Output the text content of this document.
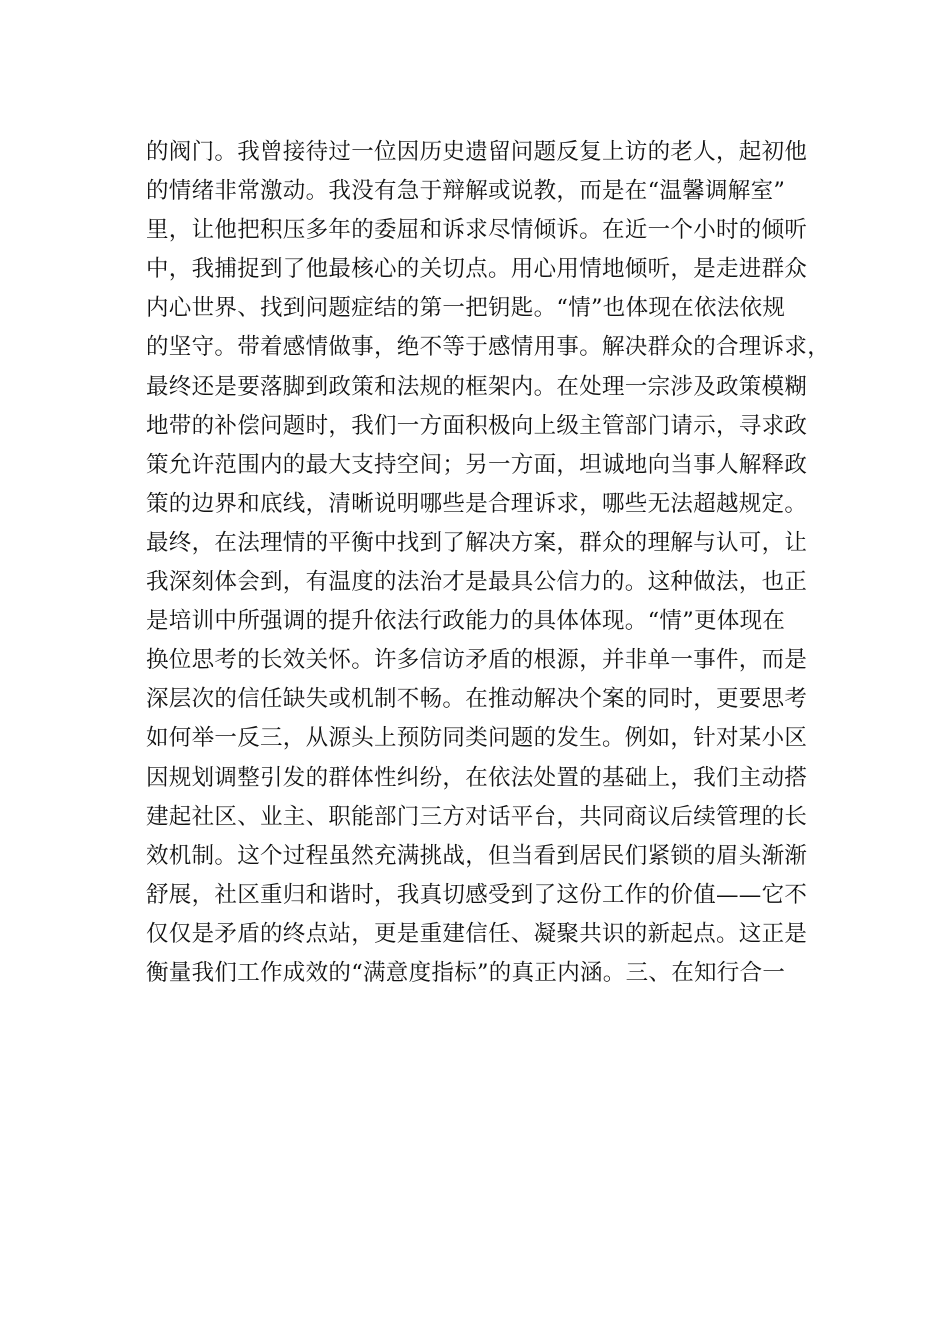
的阀门。我曾接待过一位因历史遗留问题反复上访的老人，起初他
的情绪非常激动。我没有急于辩解或说教，而是在“温馨调解室”
里，让他把积压多年的委屈和诉求尽情倾诉。在近一个小时的倾听
中，我捕捉到了他最核心的关切点。用心用情地倾听，是走进群众
内心世界、找到问题症结的第一把钥匙。“情”也体现在依法依规
的坚守。带着感情做事，绝不等于感情用事。解决群众的合理诉求，
最终还是要落脚到政策和法规的框架内。在处理一宗涉及政策模糊
地带的补偿问题时，我们一方面积极向上级主管部门请示，寻求政
策允许范围内的最大支持空间；另一方面，坦诚地向当事人解释政
策的边界和底线，清晰说明哪些是合理诉求，哪些无法超越规定。
最终，在法理情的平衡中找到了解决方案，群众的理解与认可，让
我深刻体会到，有温度的法治才是最具公信力的。这种做法，也正
是培训中所强调的提升依法行政能力的具体体现。“情”更体现在
换位思考的长效关怀。许多信访矛盾的根源，并非单一事件，而是
深层次的信任缺失或机制不畅。在推动解决个案的同时，更要思考
如何举一反三，从源头上预防同类问题的发生。例如，针对某小区
因规划调整引发的群体性纠纷，在依法处置的基础上，我们主动搭
建起社区、业主、职能部门三方对话平台，共同商议后续管理的长
效机制。这个过程虽然充满挑战，但当看到居民们紧锁的眉头渐渐
舒展，社区重归和谐时，我真切感受到了这份工作的价值——它不
仅仅是矛盾的终点站，更是重建信任、凝聚共识的新起点。这正是
衡量我们工作成效的“满意度指标”的真正内涵。三、在知行合一
